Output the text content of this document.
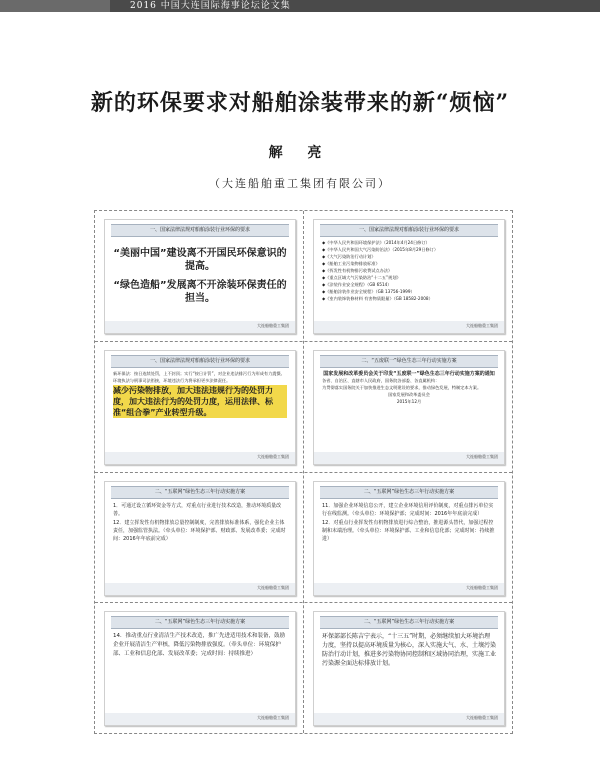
2016 中国大连国际海事论坛论文集
新的环保要求对船舶涂装带来的新“烦恼”
解 亮
（大连船舶重工集团有限公司）
一、国家法律法规对船舶涂装行业环保的要求

“美丽中国”建设离不开国民环保意识的提高。

“绿色造船”发展离不开涂装环保责任的担当。

大连船舶重工集团
一、国家法律法规对船舶涂装行业环保的要求

◆《中华人民共和国环境保护法》（2014年4月24日修订）

◆《中华人民共和国大气污染防治法》（2015年8月29日修订）

◆《大气污染防治行动计划》

◆《船舶工业污染物排放标准》

◆《挥发性有机物排污收费试点办法》

◆《重点区域大气污染防治“十二五”规划》

◆《涂装作业安全规程》（GB 6514）

◆《船舶涂装作业安全规程》（GB 13756-1999）

◆《室内装饰装修材料 有害物质限量》（GB 18582-2008）

大连船舶重工集团
一、国家法律法规对船舶涂装行业环保的要求

新环保法：按日连续处罚，上不封顶；实行“按日计罚”，对企业违法排污行为形成有力震慑。

环境执法与刑事司法衔接，环境违法行为将承担更多法律责任。

减少污染物排放，加大违法违规行为的处罚力度，加大违法行为的处罚力度，运用法律、标准“组合拳”产业转型升级。

大连船舶重工集团
二、“五废联一”绿色生态三年行动实施方案

国家发展和改革委员会关于印发“五废联一”绿色生态三年行动实施方案的通知

各省、自治区、直辖市人民政府，国务院各部委、各直属机构：

为贯彻落实国务院关于加快推进生态文明建设的要求，推动绿色发展，特制定本方案。

国家发展和改革委员会

2015年12月

大连船舶重工集团
二、“五联网”绿色生态三年行动实施方案

1．可通过设立循环资金等方式，对重点行业进行技术改造，推动环境质量改善。

12．建立挥发性有机物排放总量控制制度，完善排放标准体系，强化企业主体责任，加强监管执法。（牵头单位：环境保护部、财政部、发展改革委；完成时间：2016年年底前完成）

大连船舶重工集团
二、“五联网”绿色生态三年行动实施方案

11．加强企业环境信息公开，建立企业环境信用评价制度，对重点排污单位实行在线监测。（牵头单位：环境保护部；完成时间：2016年年底前完成）

12．对重点行业挥发性有机物排放进行综合整治，推进源头替代，加强过程控制和末端治理。（牵头单位：环境保护部、工业和信息化部；完成时间：持续推进）

大连船舶重工集团
二、“五联网”绿色生态三年行动实施方案

14．推动重点行业清洁生产技术改造，推广先进适用技术和装备，鼓励企业开展清洁生产审核，降低污染物排放强度。（牵头单位：环境保护部、工业和信息化部、发展改革委；完成时间：持续推进）

大连船舶重工集团
二、“五联网”绿色生态三年行动实施方案

环保部部长陈吉宁表示，“十三五”时期，必须继续加大环境治理力度，坚持以提高环境质量为核心，深入实施大气、水、土壤污染防治行动计划，推进多污染物协同控制和区域协同治理，实施工业污染源全面达标排放计划。

大连船舶重工集团
